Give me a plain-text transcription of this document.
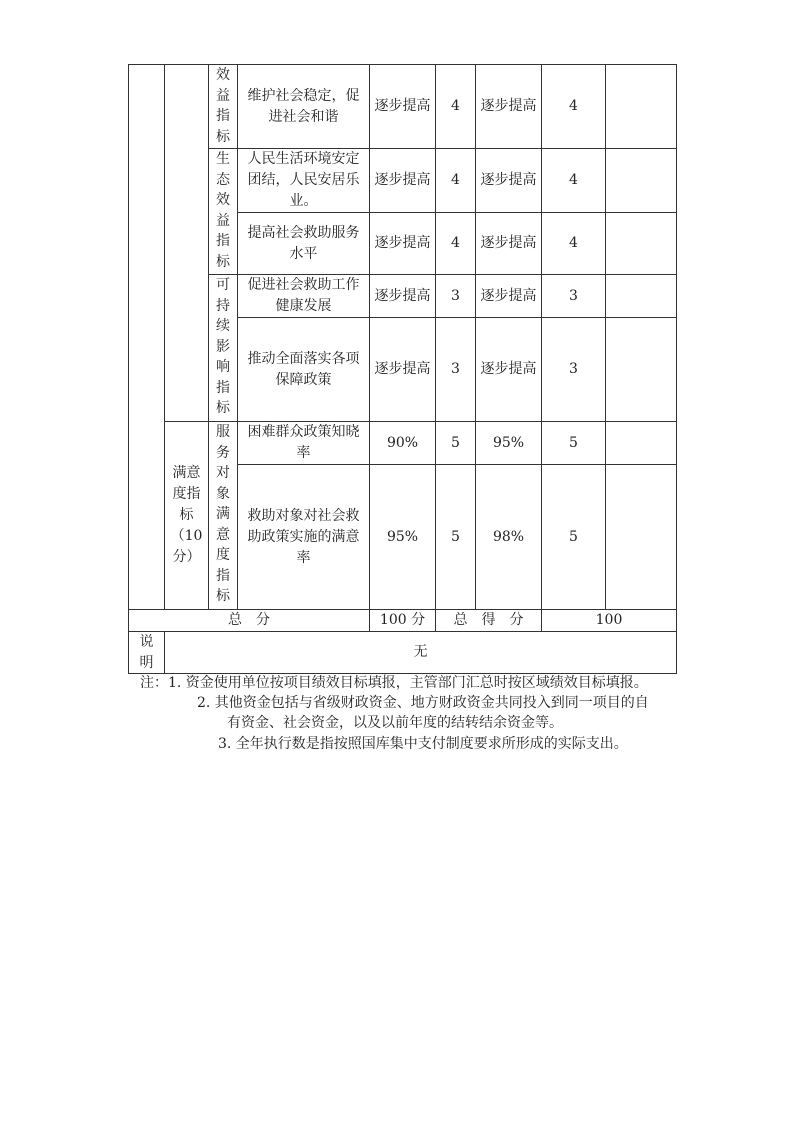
		效益指标	维护社会稳定，促进社会和谐	逐步提高	4	逐步提高	4	

		生态效益指标	人民生活环境安定团结，人民安居乐业。	逐步提高	4	逐步提高	4	
			提高社会救助服务水平	逐步提高	4	逐步提高	4	

		可持续影响指标	促进社会救助工作健康发展	逐步提高	3	逐步提高	3	
			推动全面落实各项保障政策	逐步提高	3	逐步提高	3	
	满意度指标（10分）	服务对象满意度指标	困难群众政策知晓率	90%	5	95%	5	
			救助对象对社会救助政策实施的满意率	95%	5	98%	5	
总　分				100 分	总　得　分		100	

说明	无							
注：1. 资金使用单位按项目绩效目标填报，主管部门汇总时按区域绩效目标填报。
2. 其他资金包括与省级财政资金、地方财政资金共同投入到同一项目的自
有资金、社会资金，以及以前年度的结转结余资金等。
3. 全年执行数是指按照国库集中支付制度要求所形成的实际支出。
